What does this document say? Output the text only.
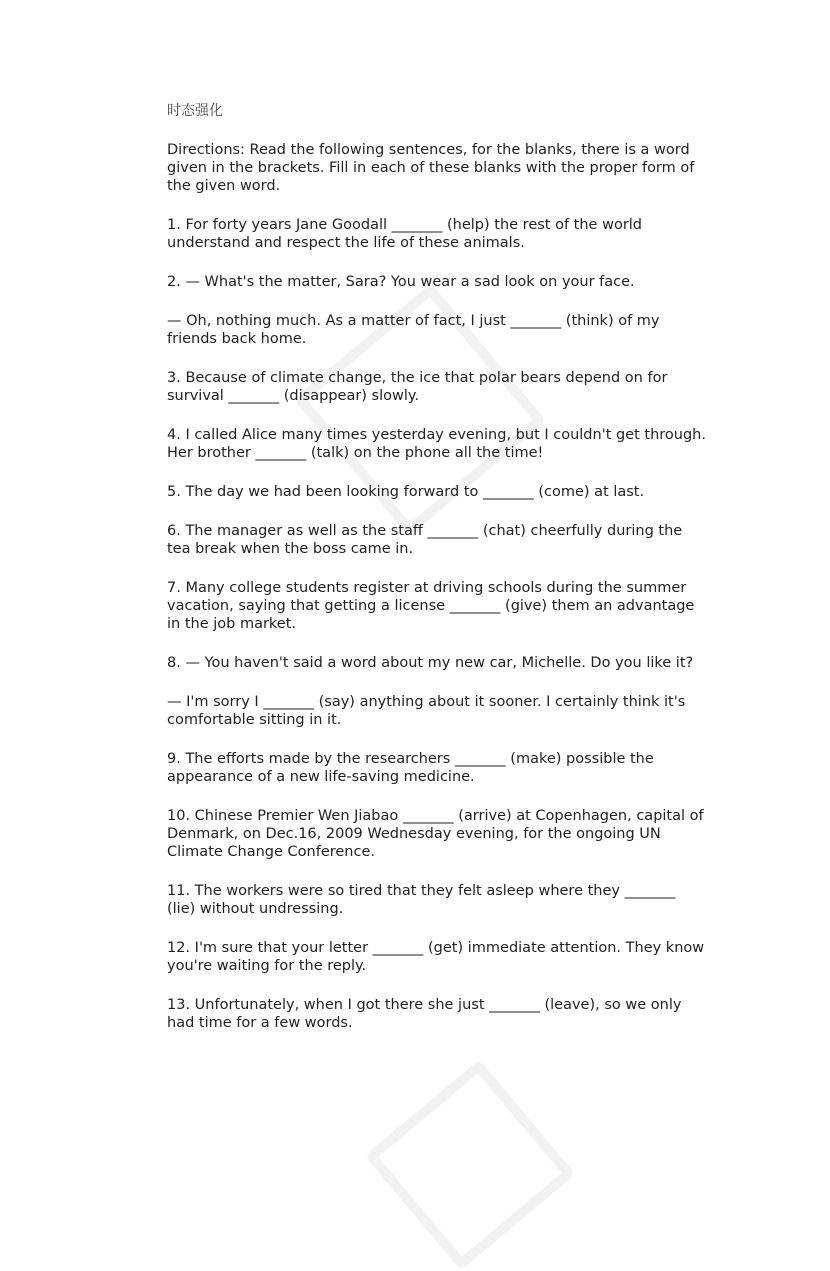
时态强化

Directions: Read the following sentences, for the blanks, there is a word given in the brackets. Fill in each of these blanks with the proper form of the given word.

1. For forty years Jane Goodall _______ (help) the rest of the world understand and respect the life of these animals.

2. — What's the matter, Sara? You wear a sad look on your face.

— Oh, nothing much. As a matter of fact, I just _______ (think) of my friends back home.

3. Because of climate change, the ice that polar bears depend on for survival _______ (disappear) slowly.

4. I called Alice many times yesterday evening, but I couldn't get through. Her brother _______ (talk) on the phone all the time!

5. The day we had been looking forward to _______ (come) at last.

6. The manager as well as the staff _______ (chat) cheerfully during the tea break when the boss came in.

7. Many college students register at driving schools during the summer vacation, saying that getting a license _______ (give) them an advantage in the job market.

8. — You haven't said a word about my new car, Michelle. Do you like it?

— I'm sorry I _______ (say) anything about it sooner. I certainly think it's comfortable sitting in it.

9. The efforts made by the researchers _______ (make) possible the appearance of a new life-saving medicine.

10. Chinese Premier Wen Jiabao _______ (arrive) at Copenhagen, capital of Denmark, on Dec.16, 2009 Wednesday evening, for the ongoing UN Climate Change Conference.

11. The workers were so tired that they felt asleep where they _______ (lie) without undressing.

12. I'm sure that your letter _______ (get) immediate attention. They know you're waiting for the reply.

13. Unfortunately, when I got there she just _______ (leave), so we only had time for a few words.
